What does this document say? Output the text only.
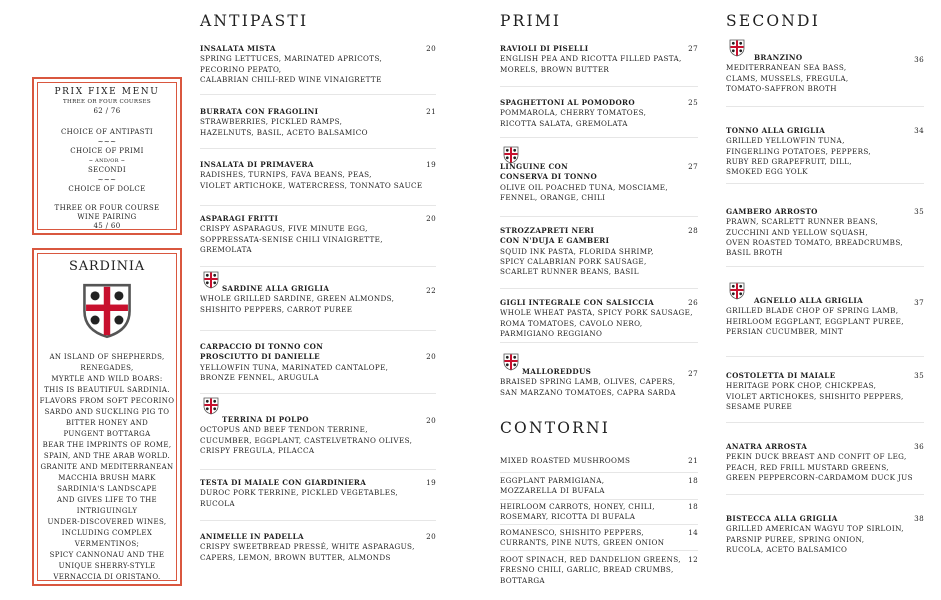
PRIX FIXE MENU
THREE OR FOUR COURSES
62 / 76
CHOICE OF ANTIPASTI
~~~
CHOICE OF PRIMI
~ AND/OR ~
SECONDI
~~~
CHOICE OF DOLCE
THREE OR FOUR COURSE
WINE PAIRING
45 / 60
SARDINIA
AN ISLAND OF SHEPHERDS,
RENEGADES,
MYRTLE AND WILD BOARS:
THIS IS BEAUTIFUL SARDINIA.
FLAVORS FROM SOFT PECORINO
SARDO AND SUCKLING PIG TO
BITTER HONEY AND
PUNGENT BOTTARGA
BEAR THE IMPRINTS OF ROME,
SPAIN, AND THE ARAB WORLD.
GRANITE AND MEDITERRANEAN
MACCHIA BRUSH MARK
SARDINIA'S LANDSCAPE
AND GIVES LIFE TO THE
INTRIGUINGLY
UNDER-DISCOVERED WINES,
INCLUDING COMPLEX
VERMENTINOS;
SPICY CANNONAU AND THE
UNIQUE SHERRY-STYLE
VERNACCIA DI ORISTANO.
ANTIPASTI
INSALATA MISTA
SPRING LETTUCES, MARINATED APRICOTS,
PECORINO PEPATO,
CALABRIAN CHILI-RED WINE VINAIGRETTE
20
BURRATA CON FRAGOLINI
STRAWBERRIES, PICKLED RAMPS,
HAZELNUTS, BASIL, ACETO BALSAMICO
21
INSALATA DI PRIMAVERA
RADISHES, TURNIPS, FAVA BEANS, PEAS,
VIOLET ARTICHOKE, WATERCRESS, TONNATO SAUCE
19
ASPARAGI FRITTI
CRISPY ASPARAGUS, FIVE MINUTE EGG,
SOPPRESSATA-SENISE CHILI VINAIGRETTE,
GREMOLATA
20
SARDINE ALLA GRIGLIA
WHOLE GRILLED SARDINE, GREEN ALMONDS,
SHISHITO PEPPERS, CARROT PUREE
22
CARPACCIO DI TONNO CON
PROSCIUTTO DI DANIELLE
YELLOWFIN TUNA, MARINATED CANTALOPE,
BRONZE FENNEL, ARUGULA
20
TERRINA DI POLPO
OCTOPUS AND BEEF TENDON TERRINE,
CUCUMBER, EGGPLANT, CASTELVETRANO OLIVES,
CRISPY FREGULA, PILACCA
20
TESTA DI MAIALE CON GIARDINIERA
DUROC PORK TERRINE, PICKLED VEGETABLES,
RUCOLA
19
ANIMELLE IN PADELLA
CRISPY SWEETBREAD PRESSÉ, WHITE ASPARAGUS,
CAPERS, LEMON, BROWN BUTTER, ALMONDS
20
PRIMI
RAVIOLI DI PISELLI
ENGLISH PEA AND RICOTTA FILLED PASTA,
MORELS, BROWN BUTTER
27
SPAGHETTONI AL POMODORO
POMMAROLA, CHERRY TOMATOES,
RICOTTA SALATA, GREMOLATA
25
LINGUINE CON
CONSERVA DI TONNO
OLIVE OIL POACHED TUNA, MOSCIAME,
FENNEL, ORANGE, CHILI
27
STROZZAPRETI NERI
CON N'DUJA E GAMBERI
SQUID INK PASTA, FLORIDA SHRIMP,
SPICY CALABRIAN PORK SAUSAGE,
SCARLET RUNNER BEANS, BASIL
28
GIGLI INTEGRALE CON SALSICCIA
WHOLE WHEAT PASTA, SPICY PORK SAUSAGE,
ROMA TOMATOES, CAVOLO NERO,
PARMIGIANO REGGIANO
26
MALLOREDDUS
BRAISED SPRING LAMB, OLIVES, CAPERS,
SAN MARZANO TOMATOES, CAPRA SARDA
27
CONTORNI
MIXED ROASTED MUSHROOMS	21
EGGPLANT PARMIGIANA,
MOZZARELLA DI BUFALA
18
HEIRLOOM CARROTS, HONEY, CHILI,
ROSEMARY, RICOTTA DI BUFALA
18
ROMANESCO, SHISHITO PEPPERS,
CURRANTS, PINE NUTS, GREEN ONION
14
ROOT SPINACH, RED DANDELION GREENS,
FRESNO CHILI, GARLIC, BREAD CRUMBS,
BOTTARGA
12
SECONDI
BRANZINO
MEDITERRANEAN SEA BASS,
CLAMS, MUSSELS, FREGULA,
TOMATO-SAFFRON BROTH
36
TONNO ALLA GRIGLIA
GRILLED YELLOWFIN TUNA,
FINGERLING POTATOES, PEPPERS,
RUBY RED GRAPEFRUIT, DILL,
SMOKED EGG YOLK
34
GAMBERO ARROSTO
PRAWN, SCARLETT RUNNER BEANS,
ZUCCHINI AND YELLOW SQUASH,
OVEN ROASTED TOMATO, BREADCRUMBS,
BASIL BROTH
35
AGNELLO ALLA GRIGLIA
GRILLED BLADE CHOP OF SPRING LAMB,
HEIRLOOM EGGPLANT, EGGPLANT PUREE,
PERSIAN CUCUMBER, MINT
37
COSTOLETTA DI MAIALE
HERITAGE PORK CHOP, CHICKPEAS,
VIOLET ARTICHOKES, SHISHITO PEPPERS,
SESAME PUREE
35
ANATRA ARROSTA
PEKIN DUCK BREAST AND CONFIT OF LEG,
PEACH, RED FRILL MUSTARD GREENS,
GREEN PEPPERCORN-CARDAMOM DUCK JUS
36
BISTECCA ALLA GRIGLIA
GRILLED AMERICAN WAGYU TOP SIRLOIN,
PARSNIP PUREE, SPRING ONION,
RUCOLA, ACETO BALSAMICO
38
